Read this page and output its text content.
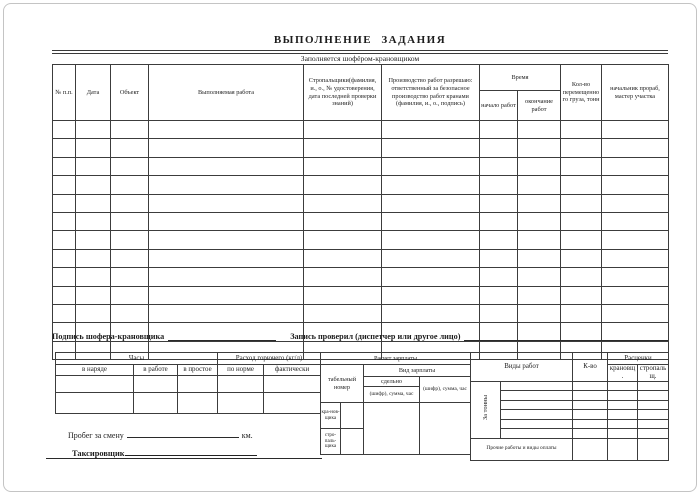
ВЫПОЛНЕНИЕ ЗАДАНИЯ
Заполняется шофёром-крановщиком
№ п.п.	Дата	Объект	Выполняемая работа	Стропальщики(фамилия, и., о., № удостоверения, дата последней проверки знаний)	Производство работ разрешаю: ответственный за безопасное производство работ кранами (фамилия, и., о., подпись)	Время		Кол-во перемещенного груза, тонн	начальник прораб, мастер участка
						начало работ	окончание работ		

Подпись шофера-крановщика	Запись проверил (диспетчер или другое лицо)
Часы			Расход горючего (кг/л)	
в наряде	в работе	в простое	по норме	фактически

Расчет зарплаты			
табельный номер		Вид зарплаты	
		сдельно	(шифр), сумма, час
		(шифр), сумма, час	
кра-нов-щика			
стро-паль-щика			
Виды работ		К-во	Расценки	
			крановщ.	стропальщ.
За тонны				

Прочие работы и виды оплаты				
Пробег за смену	км.
Таксировщик
